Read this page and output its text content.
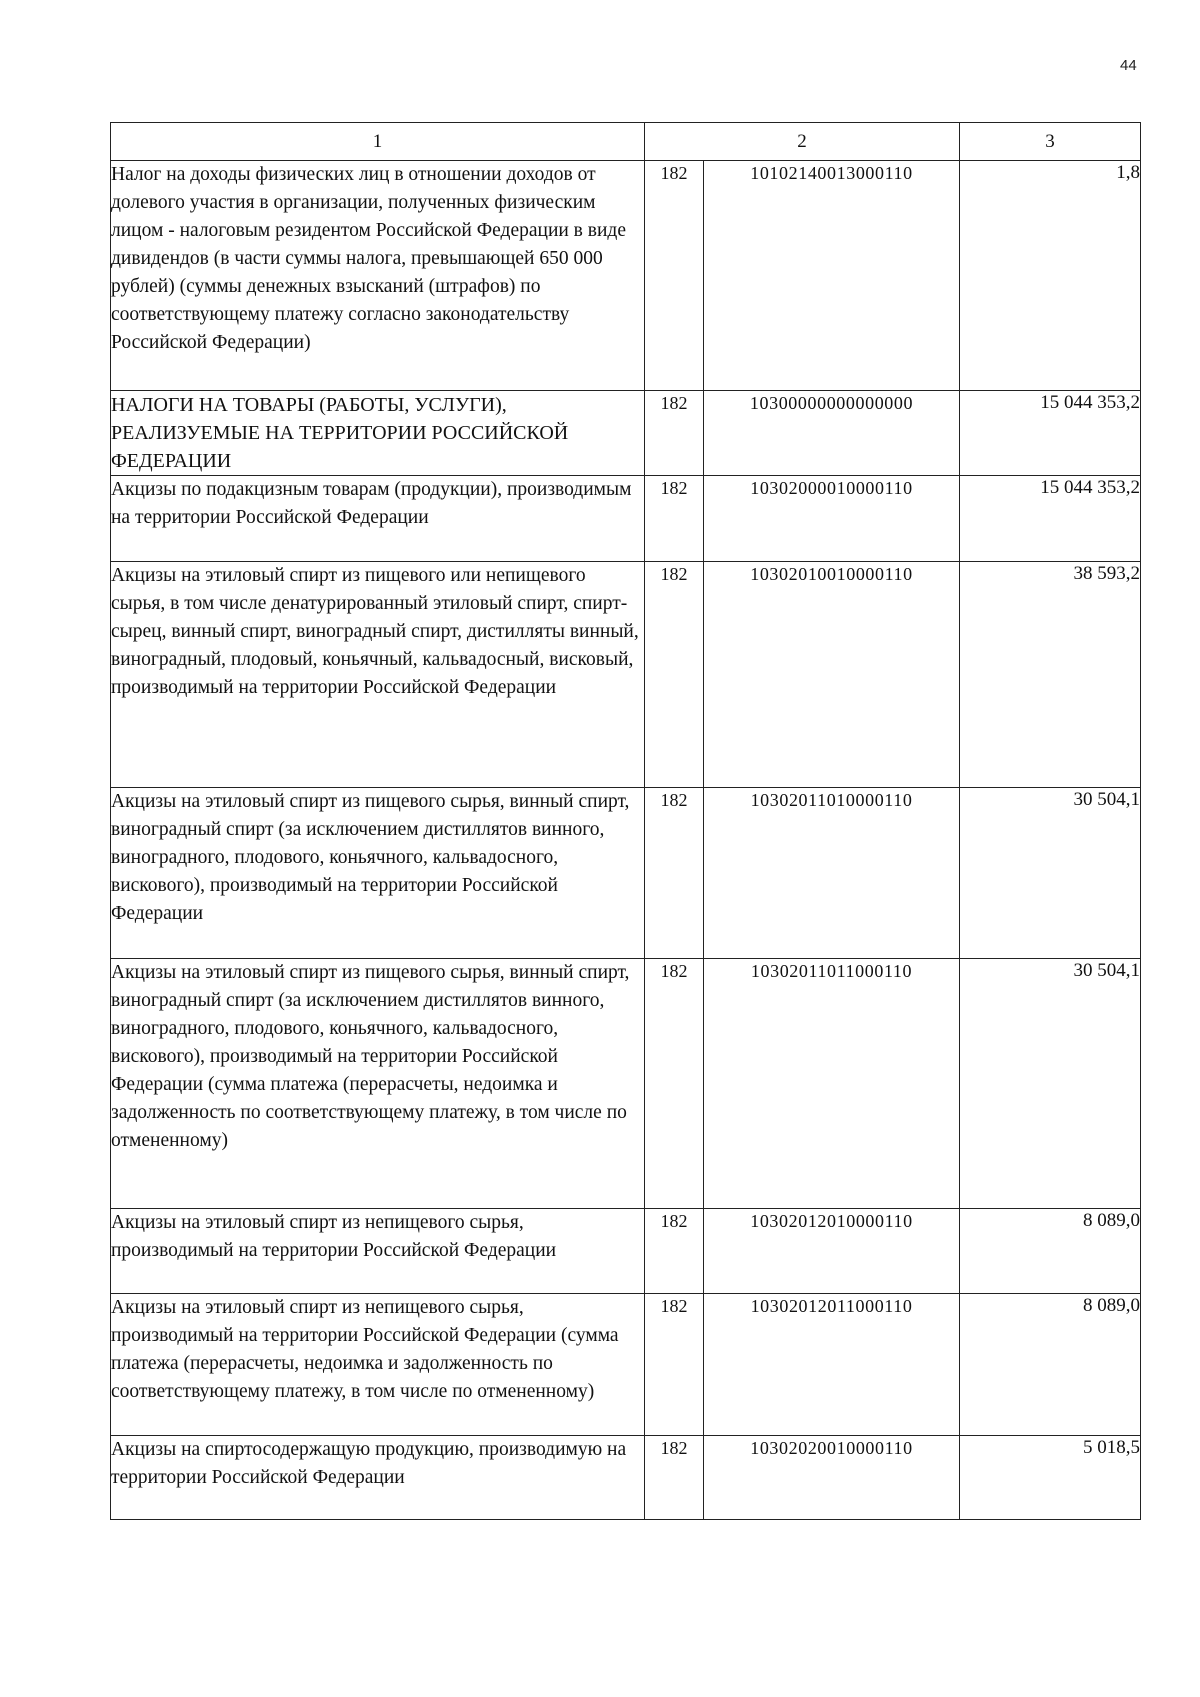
44
1	2		3
Налог на доходы физических лиц в отношении доходов от долевого участия в организации, полученных физическим лицом - налоговым резидентом Российской Федерации в виде дивидендов (в части суммы налога, превышающей 650 000 рублей) (суммы денежных взысканий (штрафов) по соответствующему платежу согласно законодательству Российской Федерации)	182	10102140013000110	1,8
НАЛОГИ НА ТОВАРЫ (РАБОТЫ, УСЛУГИ), РЕАЛИЗУЕМЫЕ НА ТЕРРИТОРИИ РОССИЙСКОЙ ФЕДЕРАЦИИ	182	10300000000000000	15 044 353,2
Акцизы по подакцизным товарам (продукции), производимым на территории Российской Федерации	182	10302000010000110	15 044 353,2
Акцизы на этиловый спирт из пищевого или непищевого сырья, в том числе денатурированный этиловый спирт, спирт-сырец, винный спирт, виноградный спирт, дистилляты винный, виноградный, плодовый, коньячный, кальвадосный, висковый, производимый на территории Российской Федерации	182	10302010010000110	38 593,2
Акцизы на этиловый спирт из пищевого сырья, винный спирт, виноградный спирт (за исключением дистиллятов винного, виноградного, плодового, коньячного, кальвадосного, вискового), производимый на территории Российской Федерации	182	10302011010000110	30 504,1
Акцизы на этиловый спирт из пищевого сырья, винный спирт, виноградный спирт (за исключением дистиллятов винного, виноградного, плодового, коньячного, кальвадосного, вискового), производимый на территории Российской Федерации (сумма платежа (перерасчеты, недоимка и задолженность по соответствующему платежу, в том числе по отмененному)	182	10302011011000110	30 504,1
Акцизы на этиловый спирт из непищевого сырья, производимый на территории Российской Федерации	182	10302012010000110	8 089,0
Акцизы на этиловый спирт из непищевого сырья, производимый на территории Российской Федерации (сумма платежа (перерасчеты, недоимка и задолженность по соответствующему платежу, в том числе по отмененному)	182	10302012011000110	8 089,0
Акцизы на спиртосодержащую продукцию, производимую на территории Российской Федерации	182	10302020010000110	5 018,5
